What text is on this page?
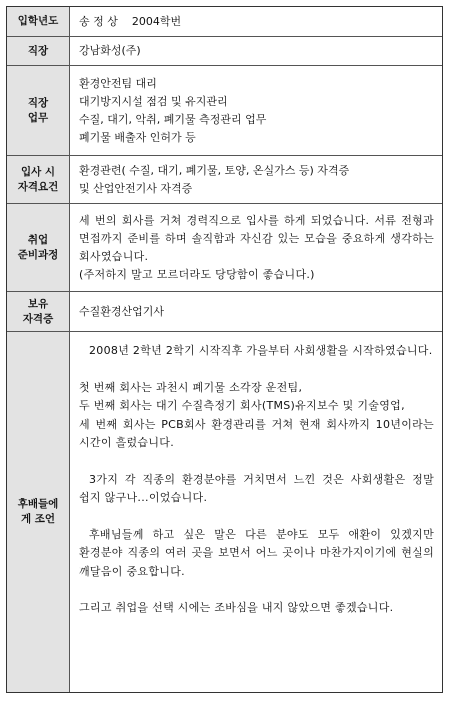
입학년도	송 정 상    2004학번
직장	강남화성(주)
직장
업무
환경안전팀 대리
대기방지시설 점검 및 유지관리
수질, 대기, 악취, 폐기물 측정관리 업무
폐기물 배출자 인허가 등
입사 시
자격요건
환경관련( 수질, 대기, 폐기물, 토양, 온실가스 등) 자격증
및 산업안전기사 자격증
취업
준비과정
세 번의 회사를 거쳐 경력직으로 입사를 하게 되었습니다. 서류 전형과 면접까지 준비를 하며 솔직함과 자신감 있는 모습을 중요하게 생각하는 회사였습니다.
(주저하지 말고 모르더라도 당당함이 좋습니다.)
보유
자격증
수질환경산업기사
후배들에
게 조언

2008년 2학년 2학기 시작직후 가을부터 사회생활을 시작하였습니다.

첫 번째 회사는 과천시 폐기물 소각장 운전팀,

두 번째 회사는 대기 수질측정기 회사(TMS)유지보수 및 기술영업,

세 번째 회사는 PCB회사 환경관리를 거쳐 현재 회사까지 10년이라는 시간이 흘렀습니다.

3가지 각 직종의 환경분야를 거치면서 느낀 것은 사회생활은 정말 쉽지 않구나...이었습니다.

후배님들께 하고 싶은 말은 다른 분야도 모두 애환이 있겠지만 환경분야 직종의 여러 곳을 보면서 어느 곳이나 마찬가지이기에 현실의 깨달음이 중요합니다.

그리고 취업을 선택 시에는 조바심을 내지 않았으면 좋겠습니다.
